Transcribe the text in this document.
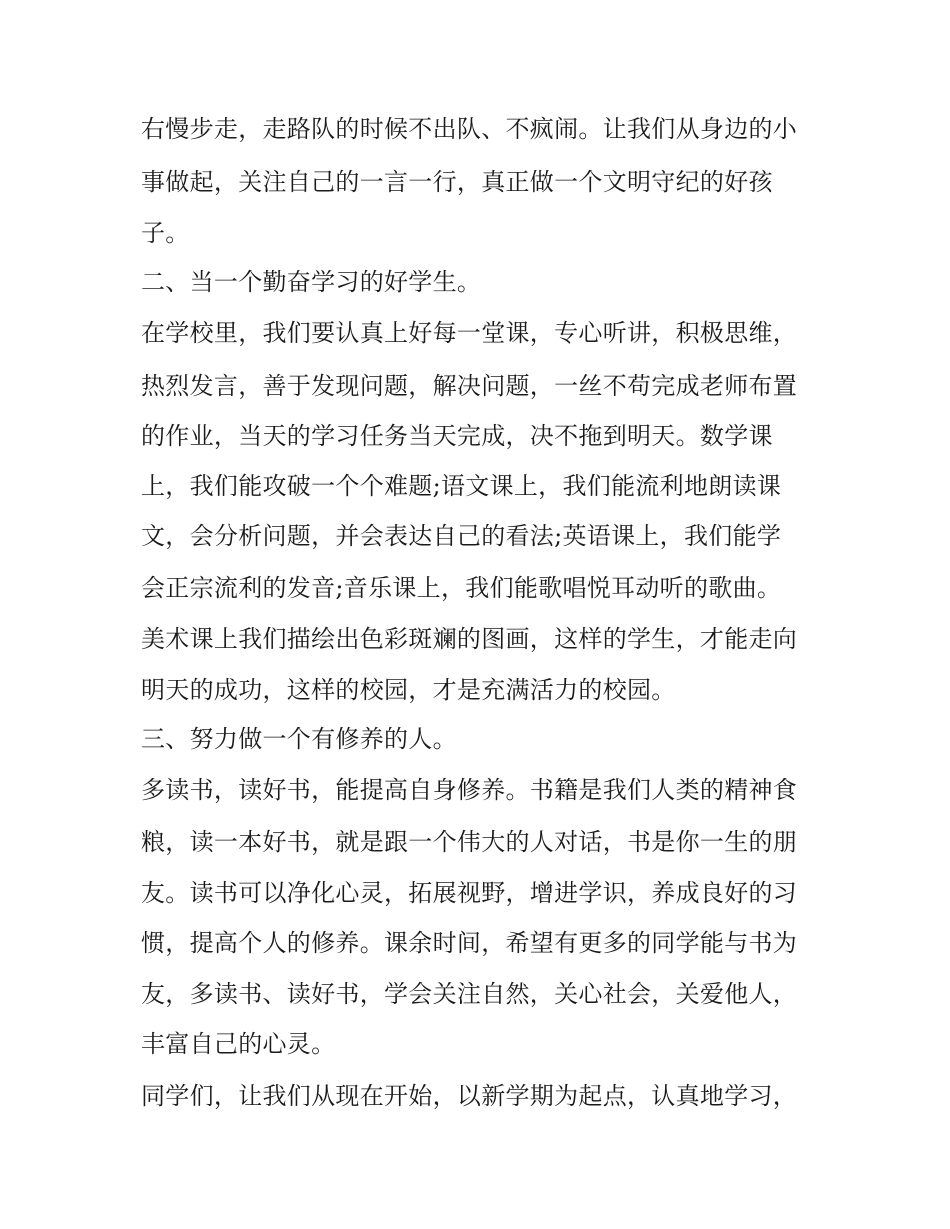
右慢步走，走路队的时候不出队、不疯闹。让我们从身边的小
事做起，关注自己的一言一行，真正做一个文明守纪的好孩
子。
二、当一个勤奋学习的好学生。
在学校里，我们要认真上好每一堂课，专心听讲，积极思维，
热烈发言，善于发现问题，解决问题，一丝不苟完成老师布置
的作业，当天的学习任务当天完成，决不拖到明天。数学课
上，我们能攻破一个个难题;语文课上，我们能流利地朗读课
文，会分析问题，并会表达自己的看法;英语课上，我们能学
会正宗流利的发音;音乐课上，我们能歌唱悦耳动听的歌曲。
美术课上我们描绘出色彩斑斓的图画，这样的学生，才能走向
明天的成功，这样的校园，才是充满活力的校园。
三、努力做一个有修养的人。
多读书，读好书，能提高自身修养。书籍是我们人类的精神食
粮，读一本好书，就是跟一个伟大的人对话，书是你一生的朋
友。读书可以净化心灵，拓展视野，增进学识，养成良好的习
惯，提高个人的修养。课余时间，希望有更多的同学能与书为
友，多读书、读好书，学会关注自然，关心社会，关爱他人，
丰富自己的心灵。
同学们，让我们从现在开始，以新学期为起点，认真地学习，
